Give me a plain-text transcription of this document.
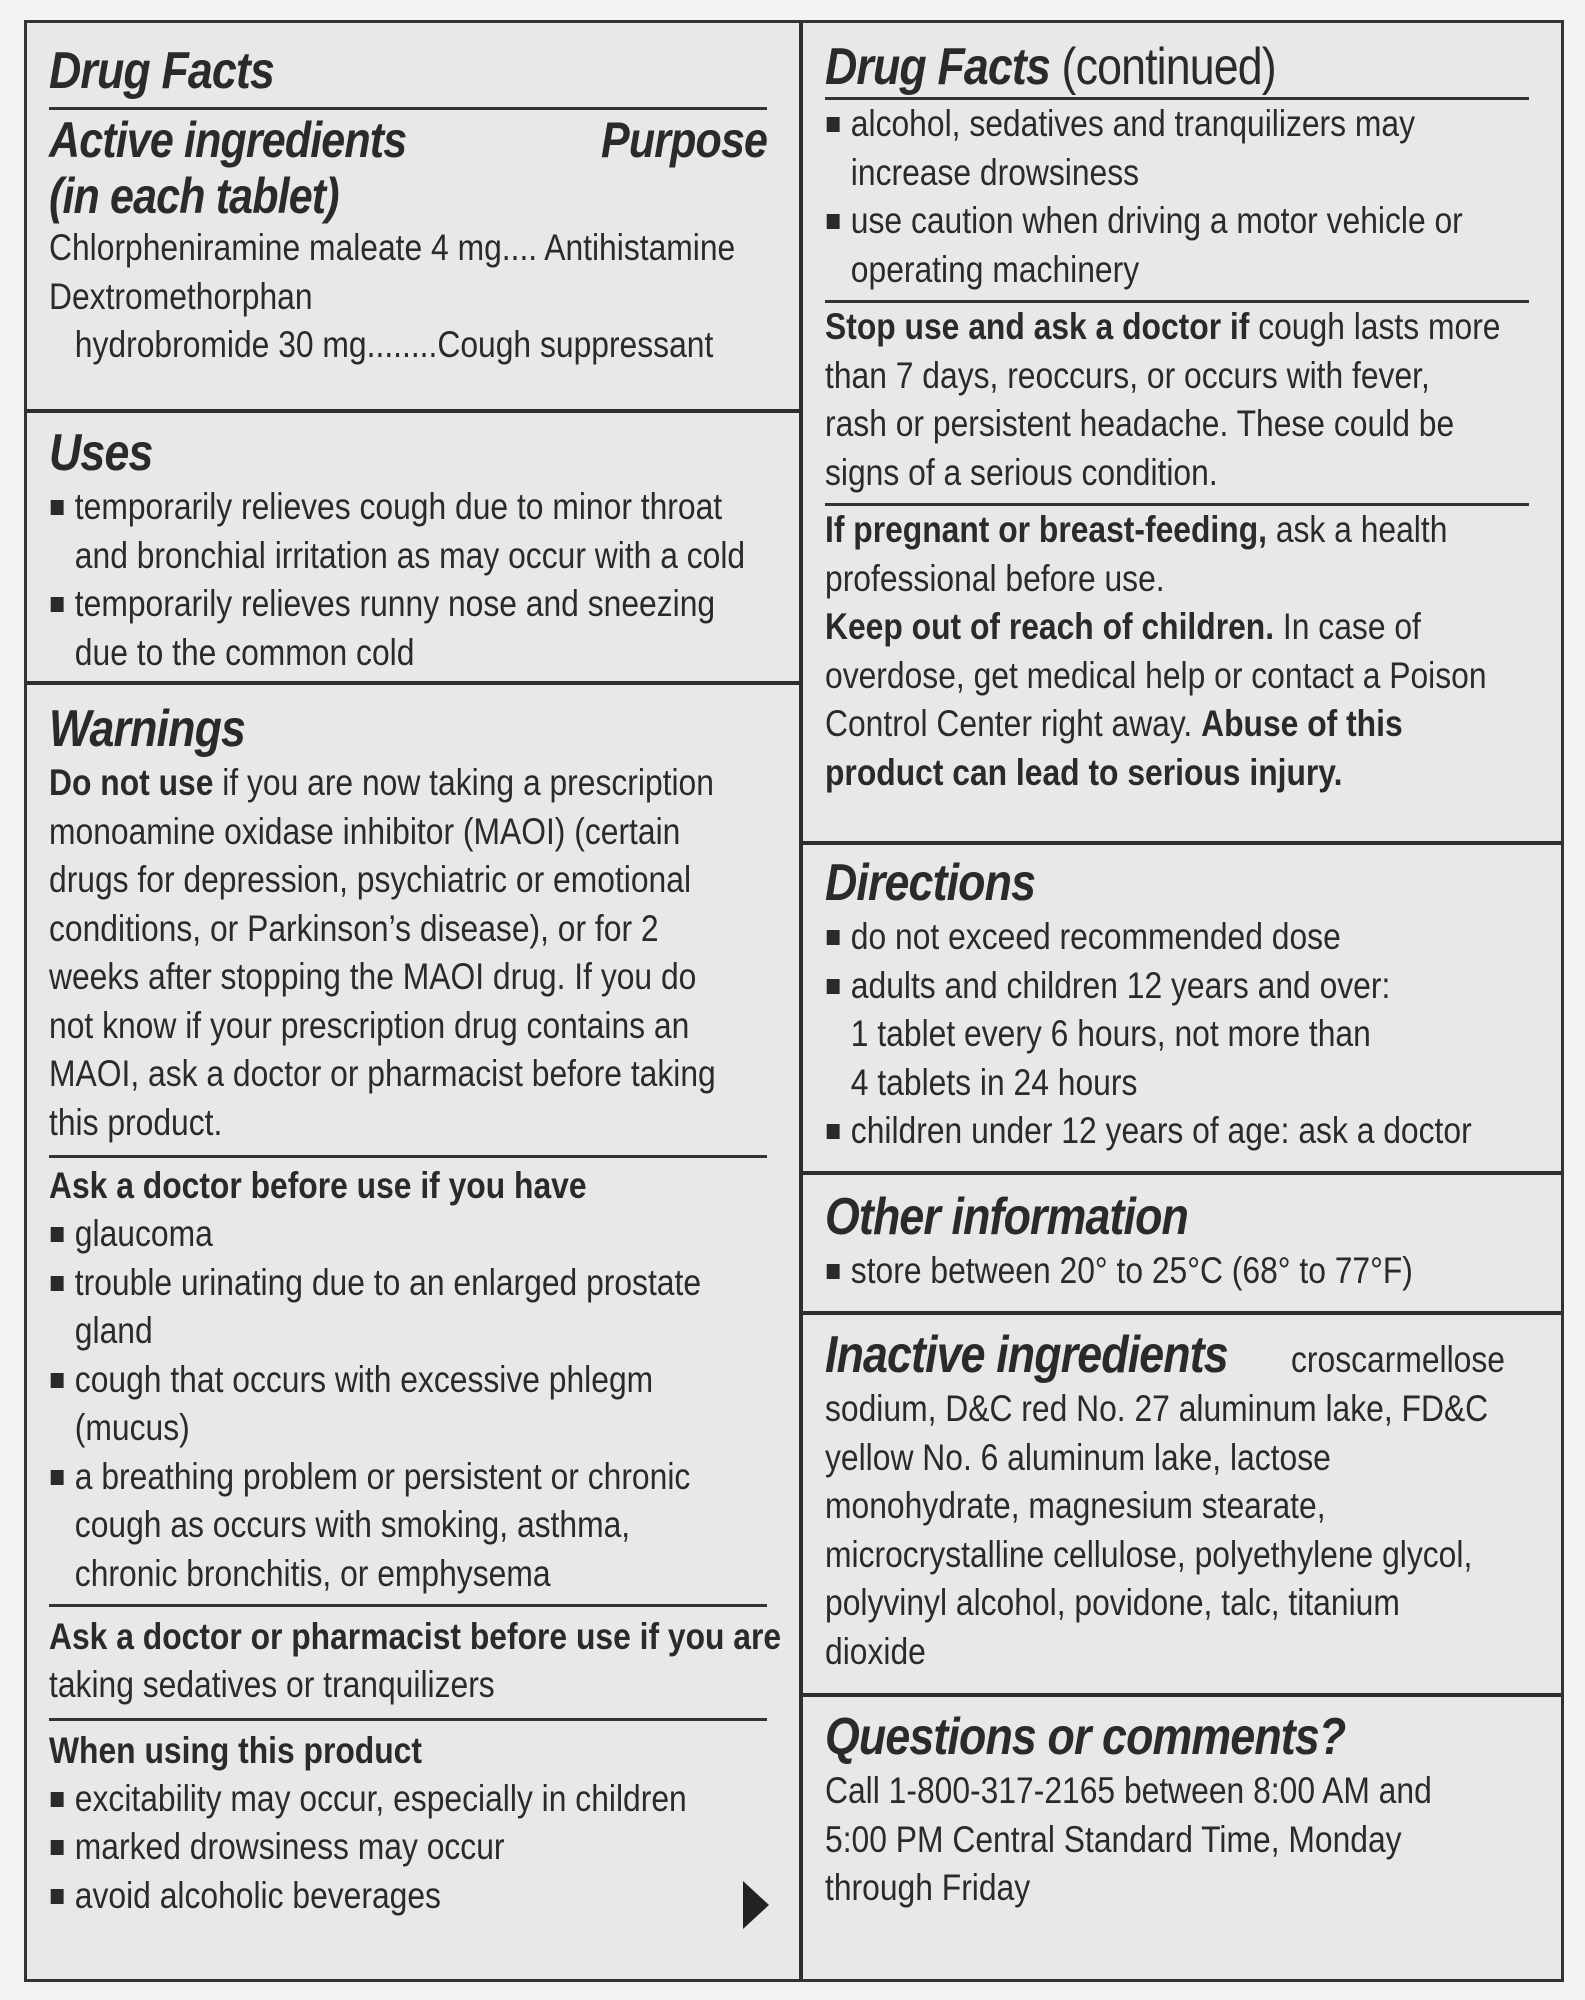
Drug Facts
Active ingredients	Purpose
(in each tablet)
Chlorpheniramine maleate 4 mg.... Antihistamine
Dextromethorphan
hydrobromide 30 mg........Cough suppressant
Uses
temporarily relieves cough due to minor throat
and bronchial irritation as may occur with a cold
temporarily relieves runny nose and sneezing
due to the common cold
Warnings
Do not use if you are now taking a prescription
monoamine oxidase inhibitor (MAOI) (certain
drugs for depression, psychiatric or emotional
conditions, or Parkinson’s disease), or for 2
weeks after stopping the MAOI drug. If you do
not know if your prescription drug contains an
MAOI, ask a doctor or pharmacist before taking
this product.
Ask a doctor before use if you have
glaucoma
trouble urinating due to an enlarged prostate
gland
cough that occurs with excessive phlegm
(mucus)
a breathing problem or persistent or chronic
cough as occurs with smoking, asthma,
chronic bronchitis, or emphysema
Ask a doctor or pharmacist before use if you are
taking sedatives or tranquilizers
When using this product
excitability may occur, especially in children
marked drowsiness may occur
avoid alcoholic beverages
Drug Facts (continued)
alcohol, sedatives and tranquilizers may
increase drowsiness
use caution when driving a motor vehicle or
operating machinery
Stop use and ask a doctor if cough lasts more
than 7 days, reoccurs, or occurs with fever,
rash or persistent headache. These could be
signs of a serious condition.
If pregnant or breast-feeding, ask a health
professional before use.
Keep out of reach of children. In case of
overdose, get medical help or contact a Poison
Control Center right away. Abuse of this
product can lead to serious injury.
Directions
do not exceed recommended dose
adults and children 12 years and over:
1 tablet every 6 hours, not more than
4 tablets in 24 hours
children under 12 years of age: ask a doctor
Other information
store between 20° to 25°C (68° to 77°F)
Inactive ingredients croscarmellose
sodium, D&C red No. 27 aluminum lake, FD&C
yellow No. 6 aluminum lake, lactose
monohydrate, magnesium stearate,
microcrystalline cellulose, polyethylene glycol,
polyvinyl alcohol, povidone, talc, titanium
dioxide
Questions or comments?
Call 1-800-317-2165 between 8:00 AM and
5:00 PM Central Standard Time, Monday
through Friday
